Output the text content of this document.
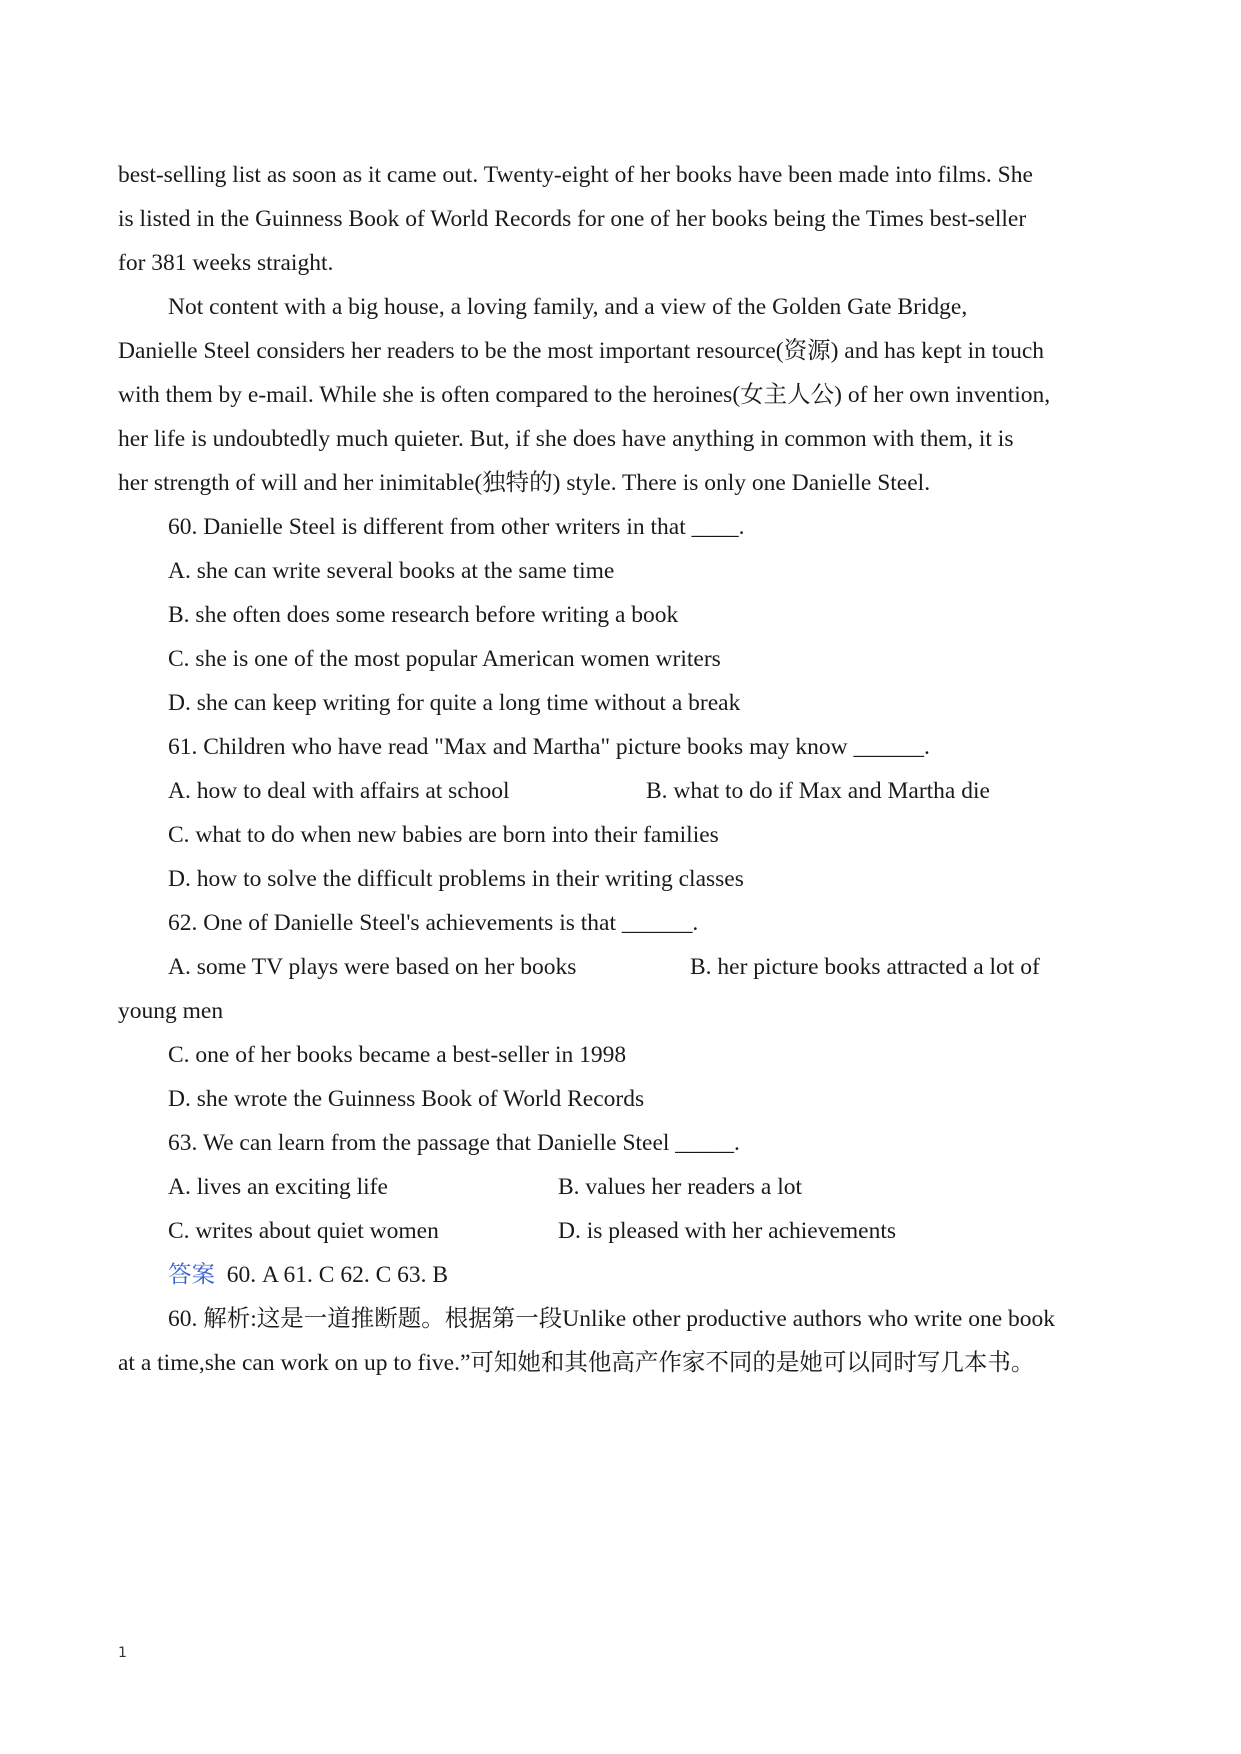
best-selling list as soon as it came out. Twenty-eight of her books have been made into films. She
is listed in the Guinness Book of World Records for one of her books being the Times best-seller
for 381 weeks straight.
Not content with a big house, a loving family, and a view of the Golden Gate Bridge,
Danielle Steel considers her readers to be the most important resource(资源) and has kept in touch
with them by e-mail. While she is often compared to the heroines(女主人公) of her own invention,
her life is undoubtedly much quieter. But, if she does have anything in common with them, it is
her strength of will and her inimitable(独特的) style. There is only one Danielle Steel.
60. Danielle Steel is different from other writers in that ____.
A. she can write several books at the same time
B. she often does some research before writing a book
C. she is one of the most popular American women writers
D. she can keep writing for quite a long time without a break
61. Children who have read "Max and Martha" picture books may know ______.
A. how to deal with affairs at school	B. what to do if Max and Martha die
C. what to do when new babies are born into their families
D. how to solve the difficult problems in their writing classes
62. One of Danielle Steel's achievements is that ______.
A. some TV plays were based on her books	B. her picture books attracted a lot of
young men
C. one of her books became a best-seller in 1998
D. she wrote the Guinness Book of World Records
63. We can learn from the passage that Danielle Steel _____.
A. lives an exciting life	B. values her readers a lot
C. writes about quiet women	D. is pleased with her achievements
答案 60. A 61. C 62. C 63. B
60. 解析:这是一道推断题。根据第一段Unlike other productive authors who write one book
at a time,she can work on up to five.”可知她和其他高产作家不同的是她可以同时写几本书。
1
